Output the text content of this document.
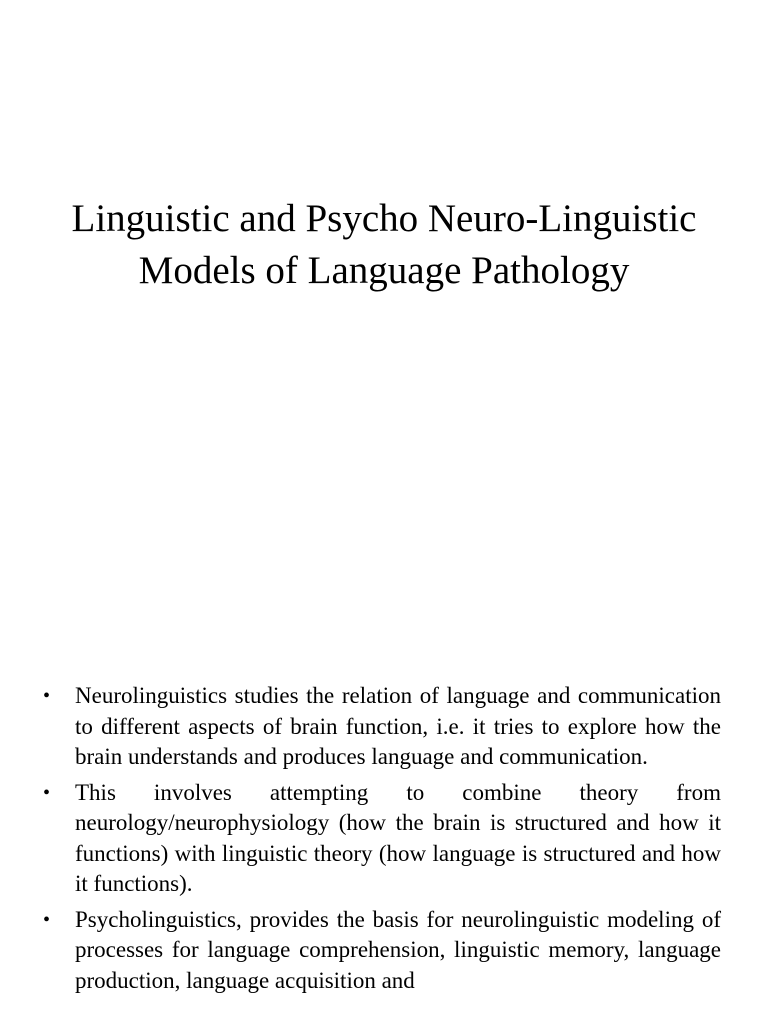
Linguistic and Psycho Neuro-Linguistic
Models of Language Pathology
• Neurolinguistics studies the relation of language and communication to different aspects of brain function, i.e. it tries to explore how the brain understands and produces language and communication.
• This involves attempting to combine theory from neurology/neurophysiology (how the brain is structured and how it functions) with linguistic theory (how language is structured and how it functions).
• Psycholinguistics, provides the basis for neurolinguistic modeling of processes for language comprehension, linguistic memory, language production, language acquisition and
